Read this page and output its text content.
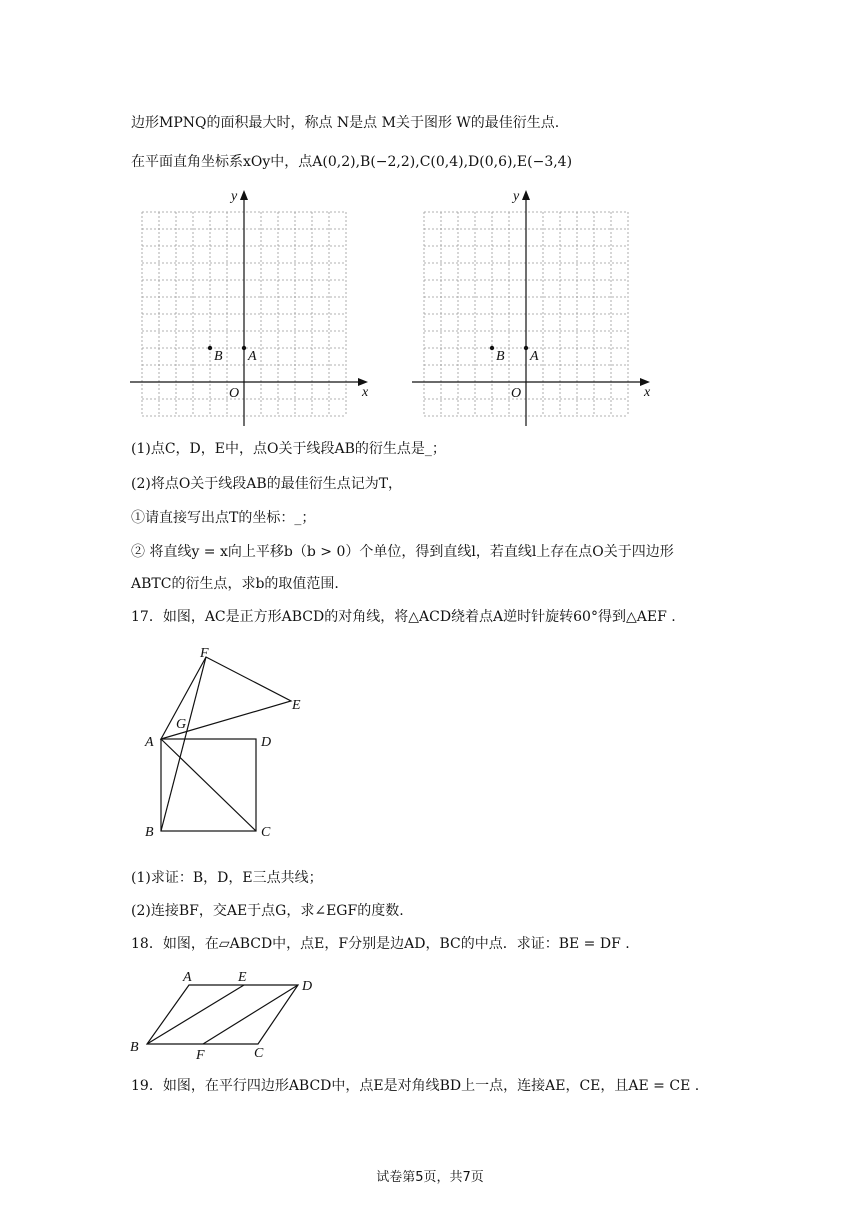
边形MPNQ的面积最大时，称点 N是点 M关于图形 W的最佳衍生点.
在平面直角坐标系xOy中，点A(0,2),B(−2,2),C(0,4),D(0,6),E(−3,4)
y
x
O
A
B
y
x
O
A
B
(1)点C，D，E中，点O关于线段AB的衍生点是_；
(2)将点O关于线段AB的最佳衍生点记为T，
①请直接写出点T的坐标：_；
② 将直线y = x向上平移b（b > 0）个单位，得到直线l，若直线l上存在点O关于四边形
ABTC的衍生点，求b的取值范围.
17．如图，AC是正方形ABCD的对角线，将△ACD绕着点A逆时针旋转60°得到△AEF .
F
E
G
A	D
B	C
(1)求证：B，D，E三点共线；
(2)连接BF，交AE于点G，求∠EGF的度数.
18．如图，在▱ABCD中，点E，F分别是边AD，BC的中点．求证：BE = DF .
A	E
D
B
F	C
19．如图，在平行四边形ABCD中，点E是对角线BD上一点，连接AE，CE，且AE = CE .
试卷第5页，共7页
